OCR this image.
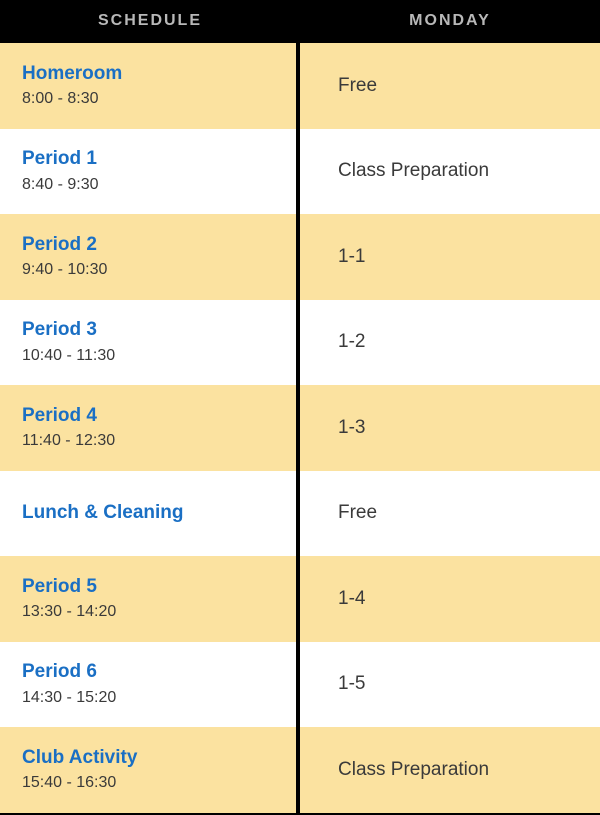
SCHEDULE	MONDAY
Homeroom
8:00 - 8:30
Free
Period 1
8:40 - 9:30
Class Preparation
Period 2
9:40 - 10:30
1-1
Period 3
10:40 - 11:30
1-2
Period 4
11:40 - 12:30
1-3
Lunch & Cleaning	Free
Period 5
13:30 - 14:20
1-4
Period 6
14:30 - 15:20
1-5
Club Activity
15:40 - 16:30
Class Preparation
